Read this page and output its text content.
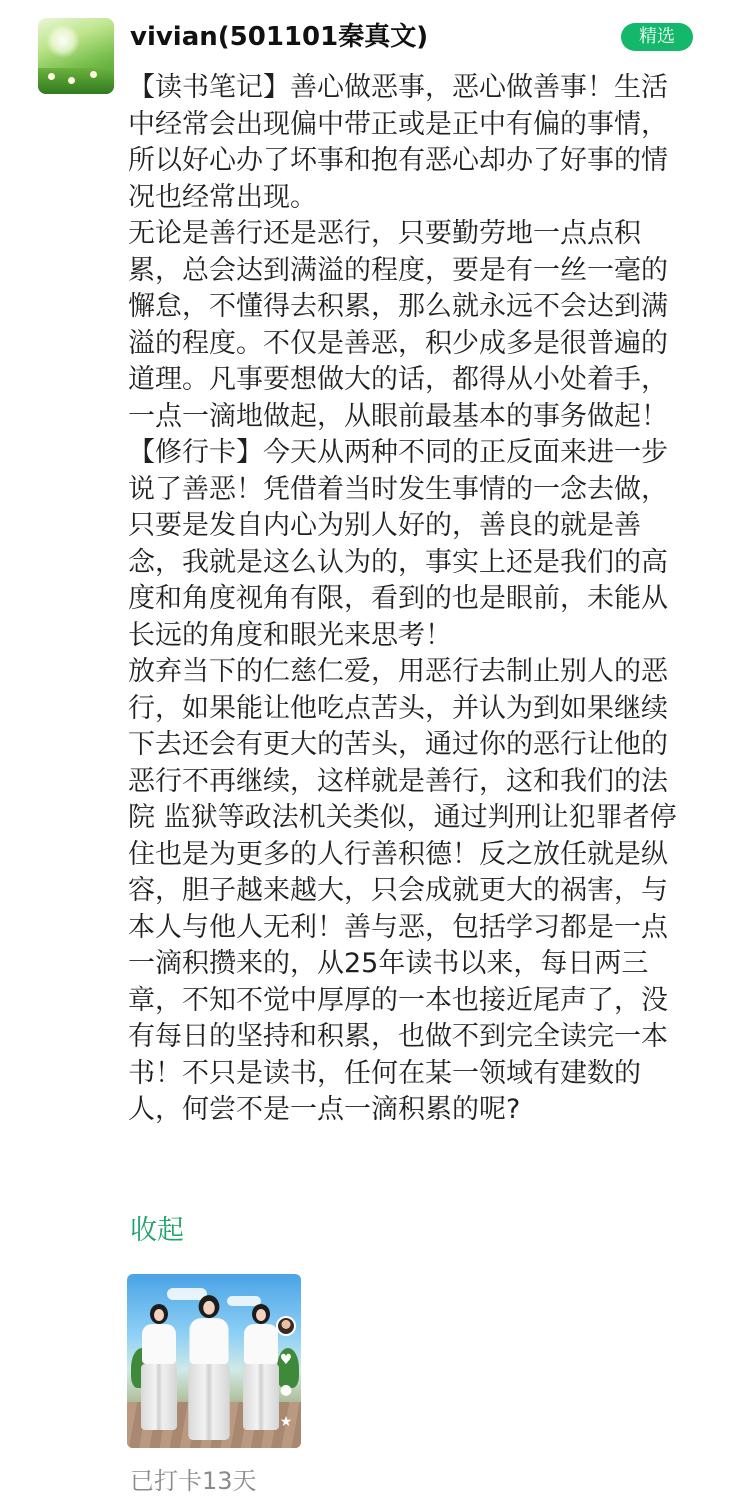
vivian(501101秦真文)	精选

【读书笔记】善心做恶事，恶心做善事！生活中经常会出现偏中带正或是正中有偏的事情，所以好心办了坏事和抱有恶心却办了好事的情况也经常出现。

无论是善行还是恶行，只要勤劳地一点点积累，总会达到满溢的程度，要是有一丝一毫的懈怠，不懂得去积累，那么就永远不会达到满溢的程度。不仅是善恶，积少成多是很普遍的道理。凡事要想做大的话，都得从小处着手，一点一滴地做起，从眼前最基本的事务做起！

【修行卡】今天从两种不同的正反面来进一步说了善恶！凭借着当时发生事情的一念去做，只要是发自内心为别人好的，善良的就是善念，我就是这么认为的，事实上还是我们的高度和角度视角有限，看到的也是眼前，未能从长远的角度和眼光来思考！

放弃当下的仁慈仁爱，用恶行去制止别人的恶行，如果能让他吃点苦头，并认为到如果继续下去还会有更大的苦头，通过你的恶行让他的恶行不再继续，这样就是善行，这和我们的法院 监狱等政法机关类似，通过判刑让犯罪者停住也是为更多的人行善积德！反之放任就是纵容，胆子越来越大，只会成就更大的祸害，与本人与他人无利！善与恶，包括学习都是一点一滴积攒来的，从25年读书以来，每日两三章，不知不觉中厚厚的一本也接近尾声了，没有每日的坚持和积累，也做不到完全读完一本书！不只是读书，任何在某一领域有建数的人，何尝不是一点一滴积累的呢?

收起
♥
●
★
已打卡13天
